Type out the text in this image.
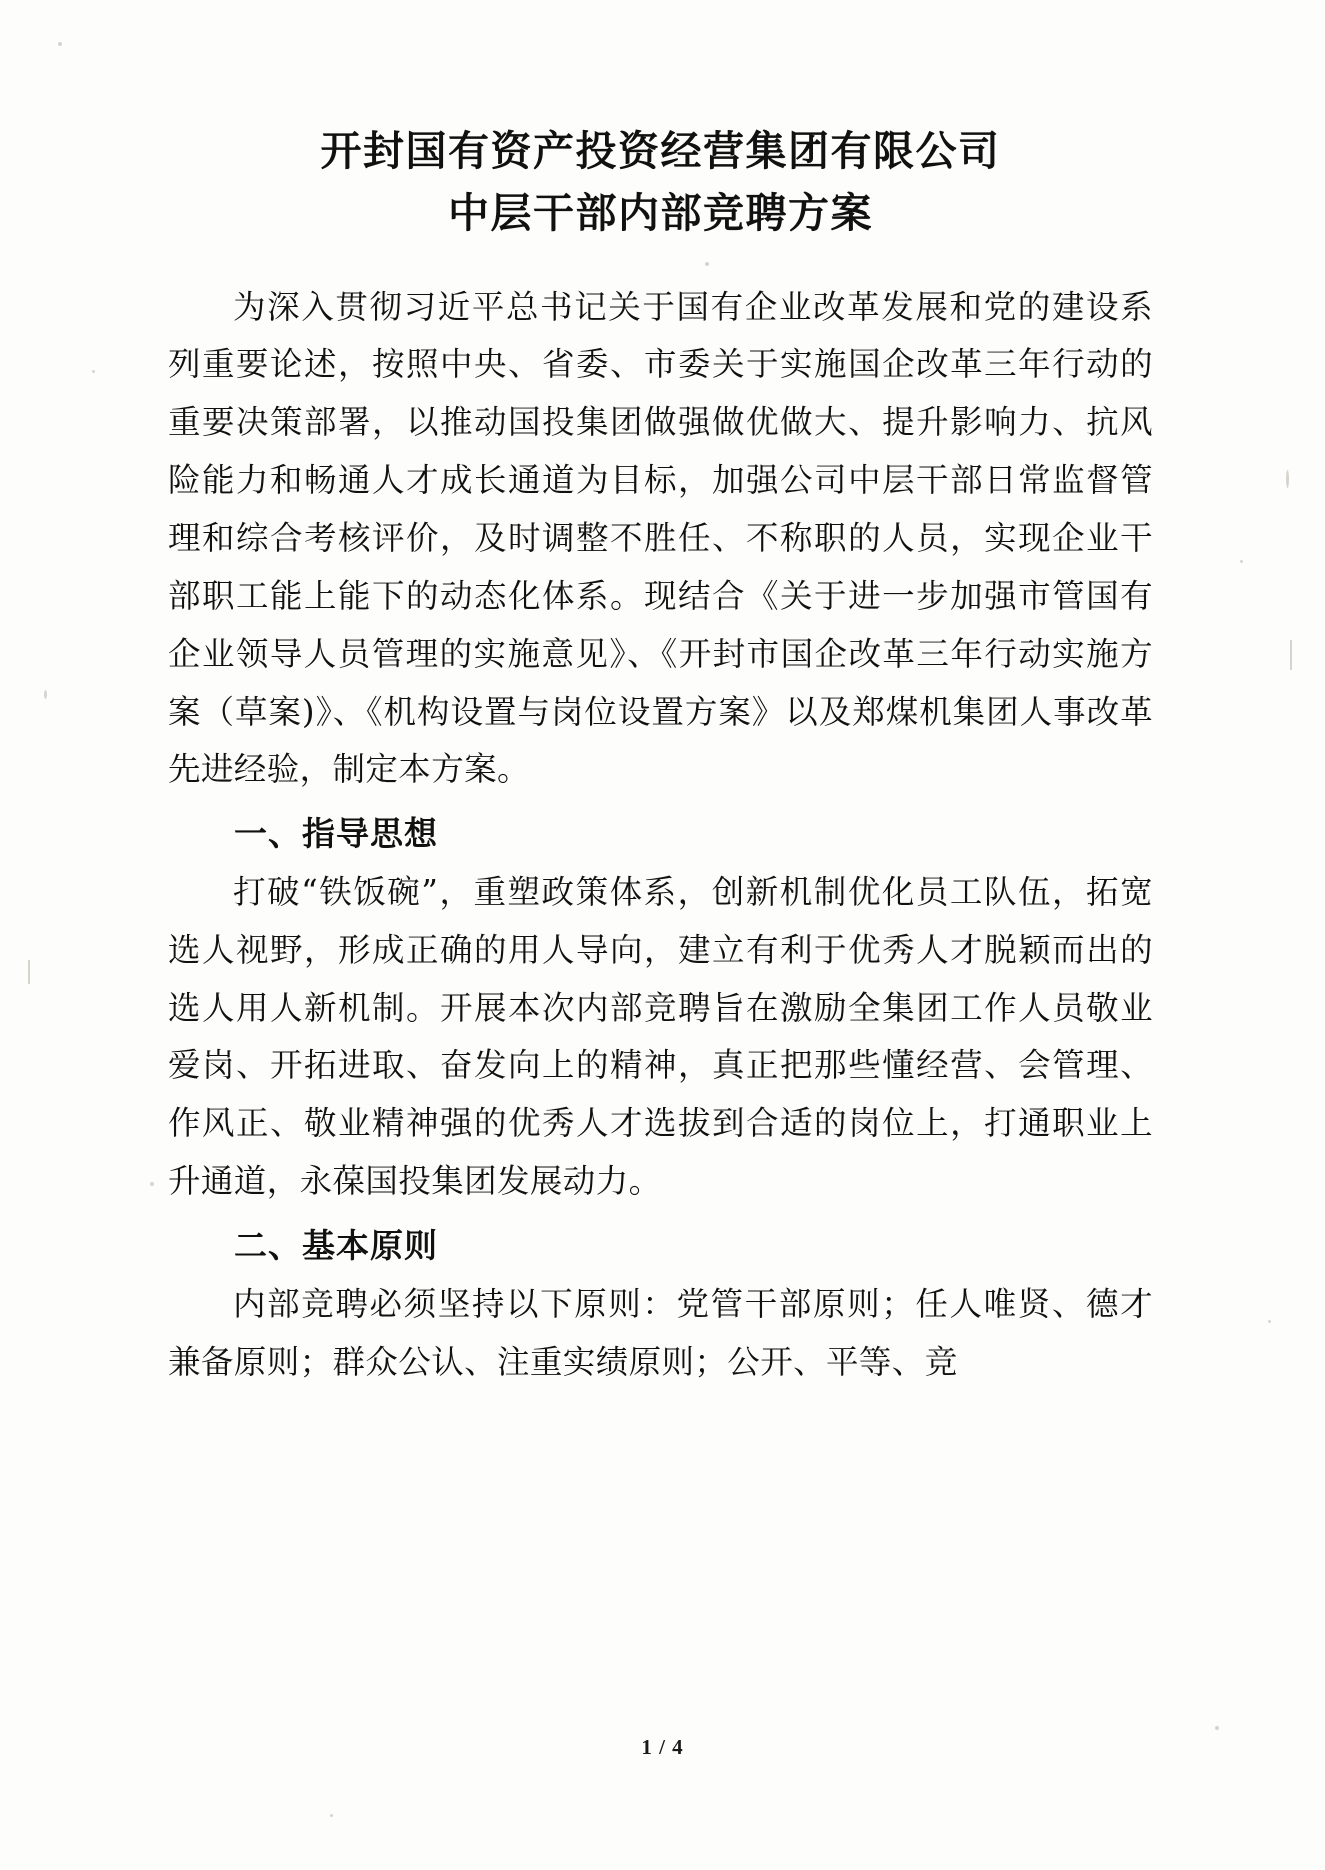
开封国有资产投资经营集团有限公司
中层干部内部竞聘方案

为深入贯彻习近平总书记关于国有企业改革发展和党的建设系列重要论述，按照中央、省委、市委关于实施国企改革三年行动的重要决策部署，以推动国投集团做强做优做大、提升影响力、抗风险能力和畅通人才成长通道为目标，加强公司中层干部日常监督管理和综合考核评价，及时调整不胜任、不称职的人员，实现企业干部职工能上能下的动态化体系。现结合《关于进一步加强市管国有企业领导人员管理的实施意见》、《开封市国企改革三年行动实施方案（草案)》、《机构设置与岗位设置方案》以及郑煤机集团人事改革先进经验，制定本方案。

一、指导思想

打破“铁饭碗”，重塑政策体系，创新机制优化员工队伍，拓宽选人视野，形成正确的用人导向，建立有利于优秀人才脱颖而出的选人用人新机制。开展本次内部竞聘旨在激励全集团工作人员敬业爱岗、开拓进取、奋发向上的精神，真正把那些懂经营、会管理、作风正、敬业精神强的优秀人才选拔到合适的岗位上，打通职业上升通道，永葆国投集团发展动力。

二、基本原则

内部竞聘必须坚持以下原则：党管干部原则；任人唯贤、德才兼备原则；群众公认、注重实绩原则；公开、平等、竞

1 / 4
